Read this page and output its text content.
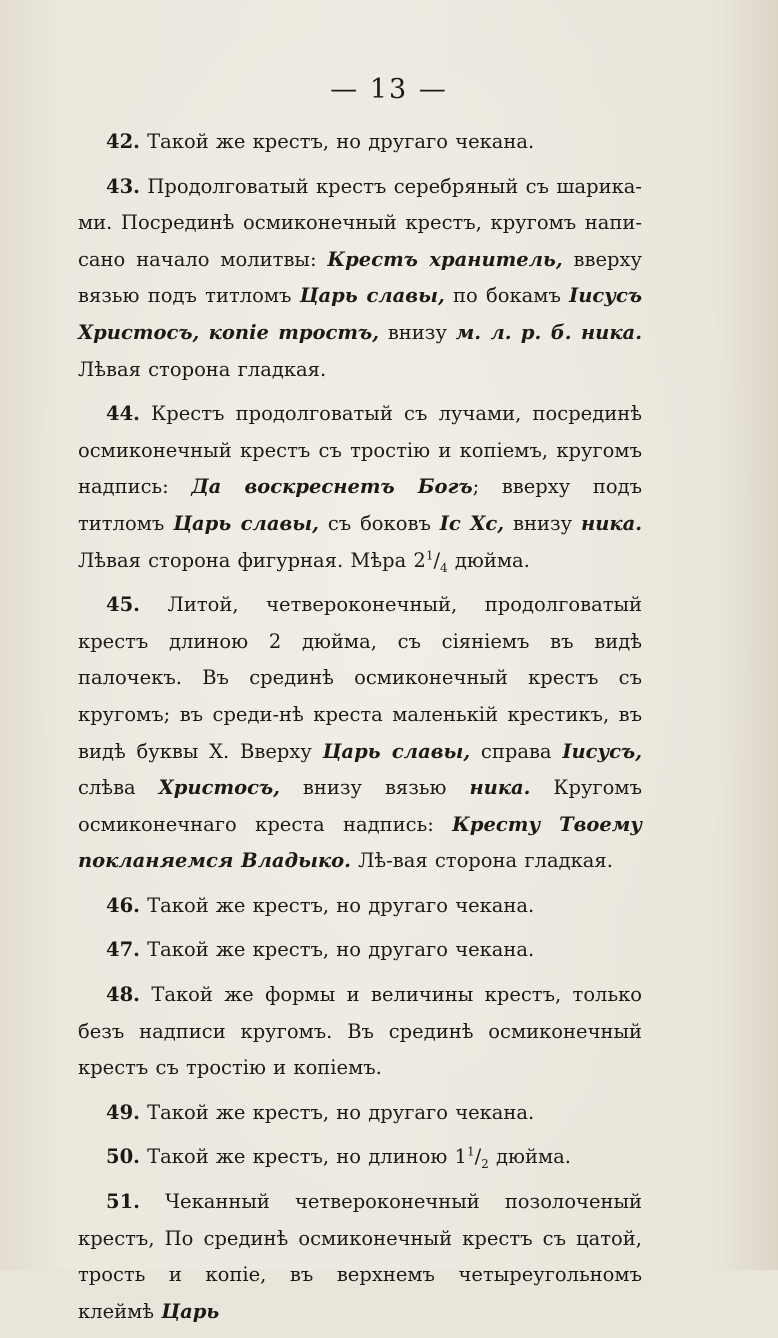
— 13 —

42. Такой же крестъ, но другаго чекана.

43. Продолговатый крестъ серебряный съ шарика-ми. Посрединѣ осмиконечный крестъ, кругомъ напи-сано начало молитвы: Крестъ хранитель, вверху вязью подъ титломъ Царь славы, по бокамъ Іисусъ Христосъ, копіе тростъ, внизу м. л. р. б. ника. Лѣвая сторона гладкая.

44. Крестъ продолговатый съ лучами, посрединѣ осмиконечный крестъ съ тростію и копіемъ, кругомъ надпись: Да воскреснетъ Богъ; вверху подъ титломъ Царь славы, съ боковъ Іс Хс, внизу ника. Лѣвая сторона фигурная. Мѣра $2^1/_4$ дюйма.

45. Литой, четвероконечный, продолговатый крестъ длиною 2 дюйма, съ сіяніемъ въ видѣ палочекъ. Въ срединѣ осмиконечный крестъ съ кругомъ; въ среди-нѣ креста маленькій крестикъ, въ видѣ буквы Х. Вверху Царь славы, справа Іисусъ, слѣва Христосъ, внизу вязью ника. Кругомъ осмиконечнаго креста надпись: Кресту Твоему покланяемся Владыко. Лѣ-вая сторона гладкая.

46. Такой же крестъ, но другаго чекана.

47. Такой же крестъ, но другаго чекана.

48. Такой же формы и величины крестъ, только безъ надписи кругомъ. Въ срединѣ осмиконечный крестъ съ тростію и копіемъ.

49. Такой же крестъ, но другаго чекана.

50. Такой же крестъ, но длиною $1^1/_2$ дюйма.

51. Чеканный четвероконечный позолоченый крестъ, По срединѣ осмиконечный крестъ съ цатой, трость и копіе, въ верхнемъ четыреугольномъ клеймѣ Царь
